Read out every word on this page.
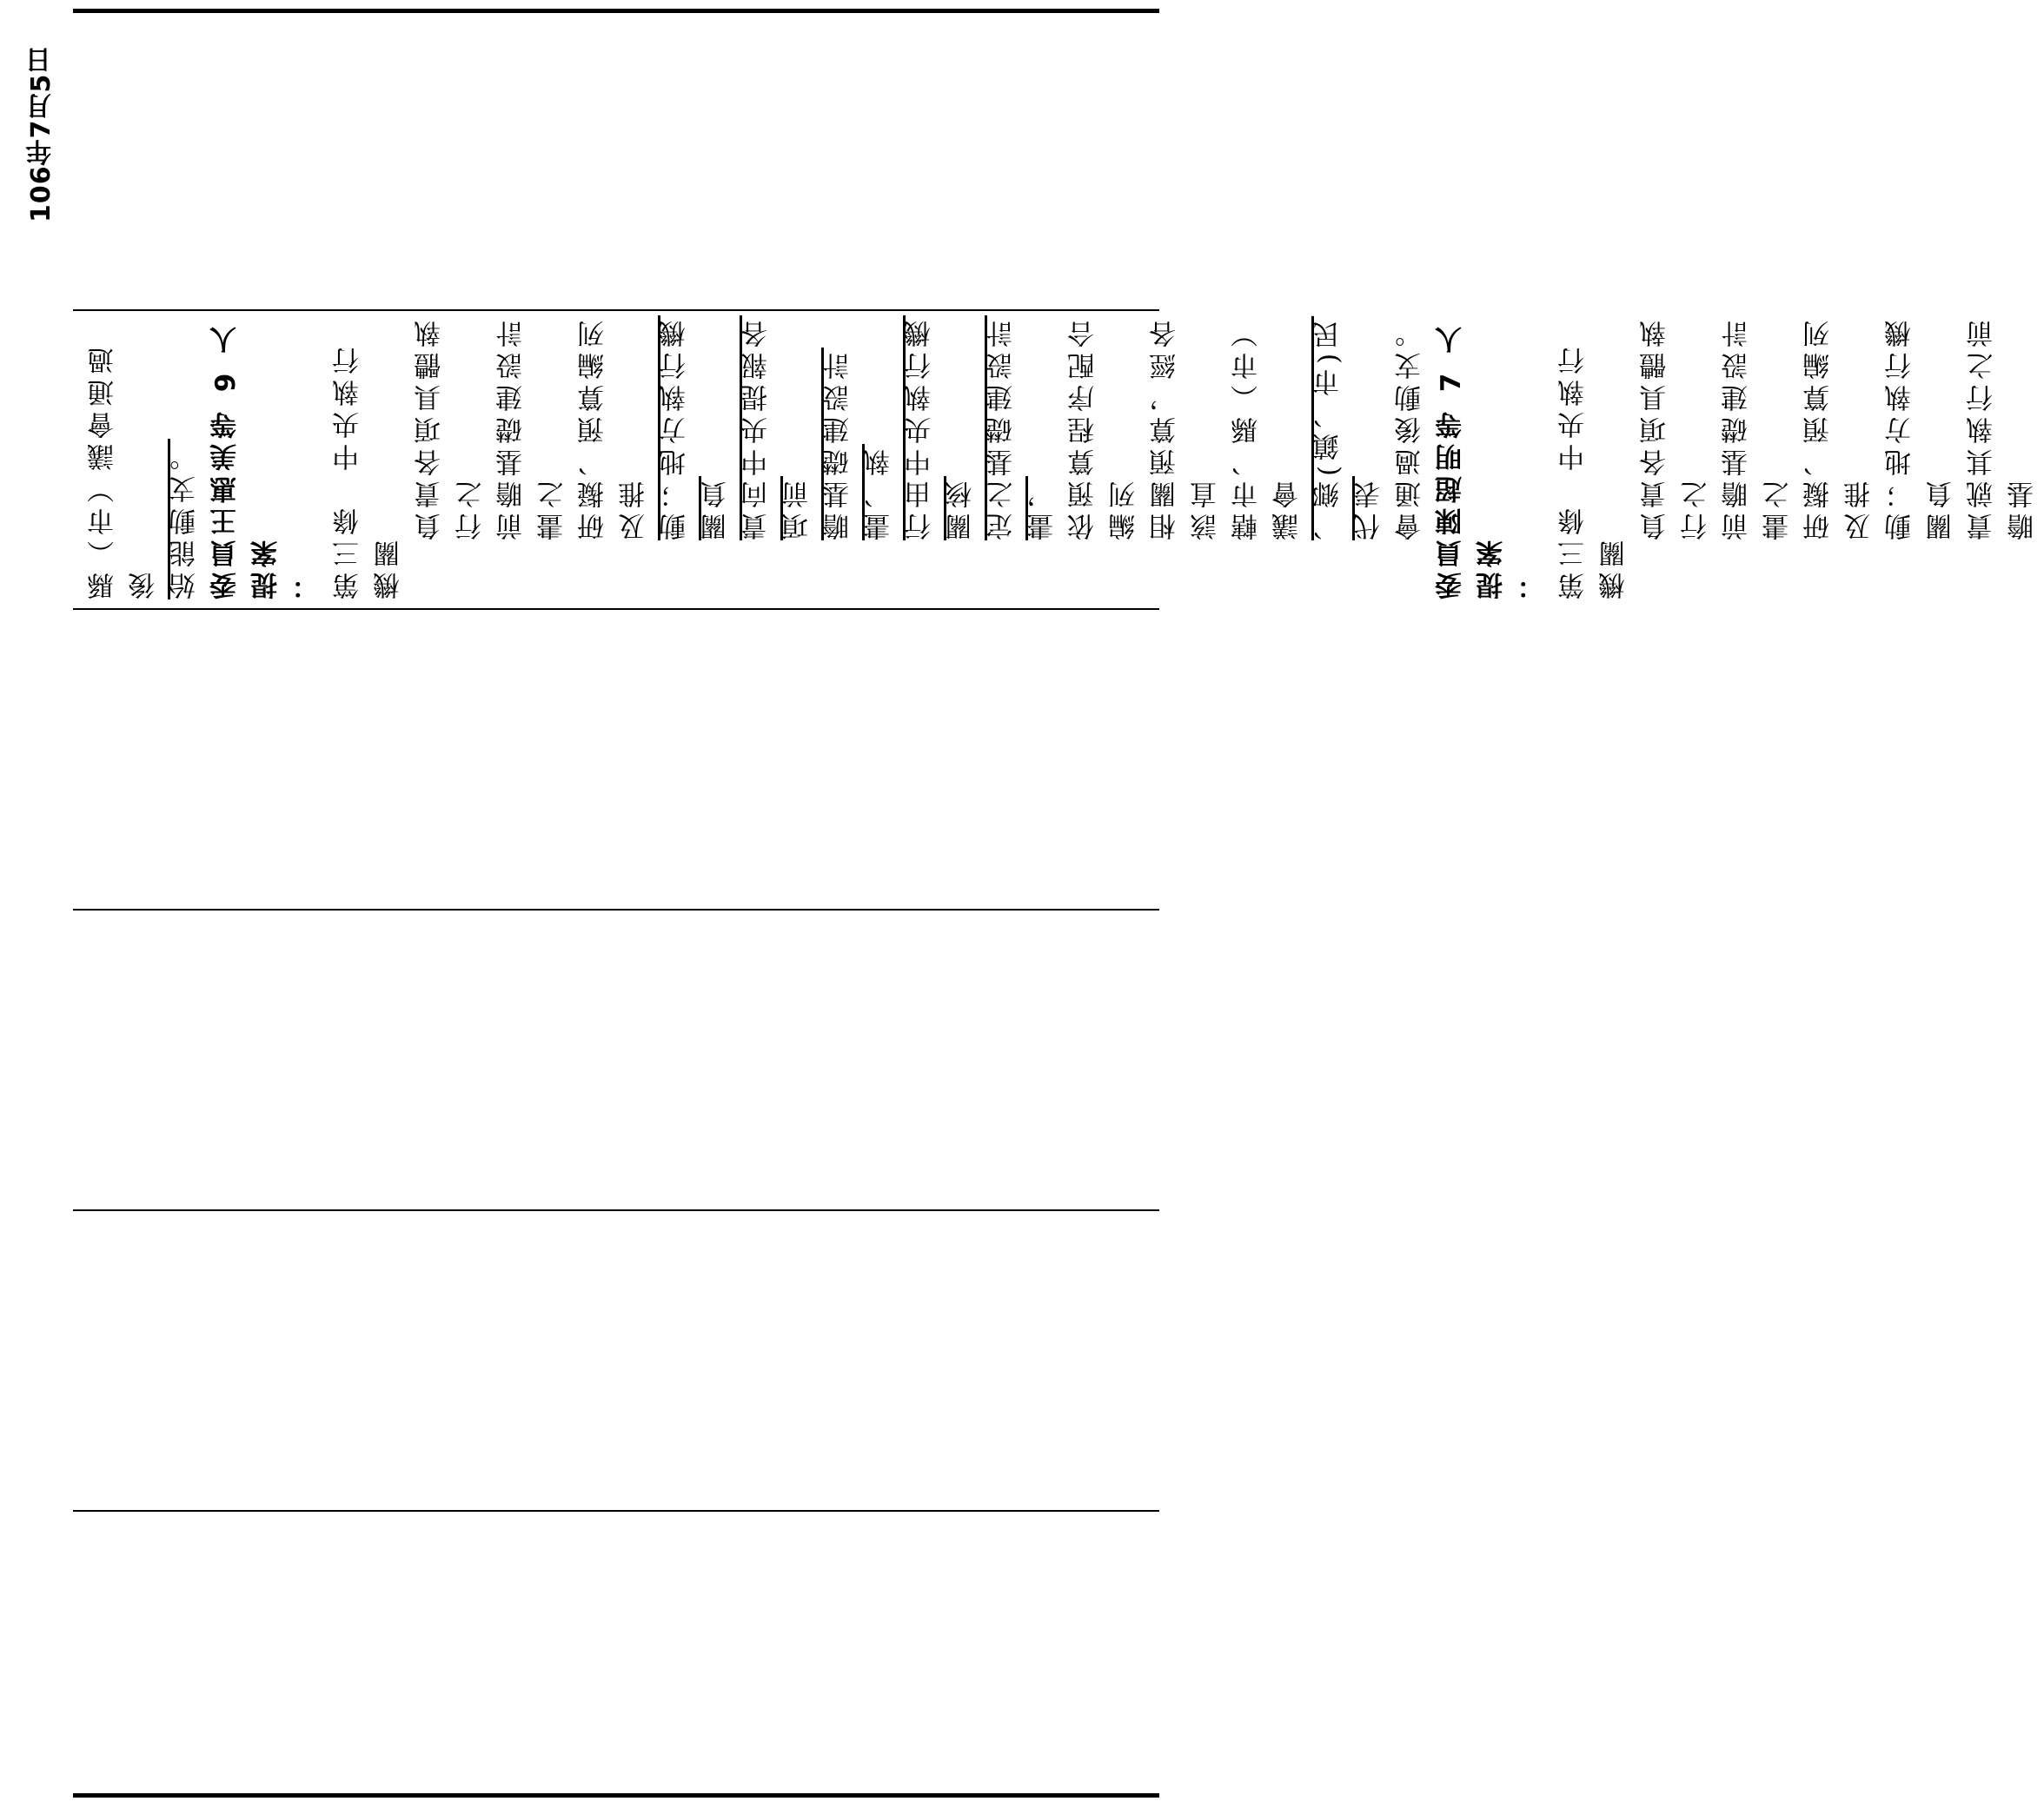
106年7月5日
縣（市）議會通過後 始能動支。 委員王惠美等 9 人提案 ： 第三條　中央執行機關
負責各項具體執行之 前瞻基礎建設計畫之 研擬、預算編列及推 動；地方執行機關負 責向中央提報各項前 瞻基礎建設計畫、執 行由中央執行機關核 定之基礎建設計畫， 依預算程序配合編列 相關預算，經各該直 轄市、縣（市）議會 、鄉(鎮、市)民代表 會通過後動支。 委員陳超明等 7 人提案 ： 第三條　中央執行機關
負責各項具體執行之 前瞻基礎建設計畫之 研擬、預算編列及推 動；地方執行機關負 責就其執行之前瞻基
